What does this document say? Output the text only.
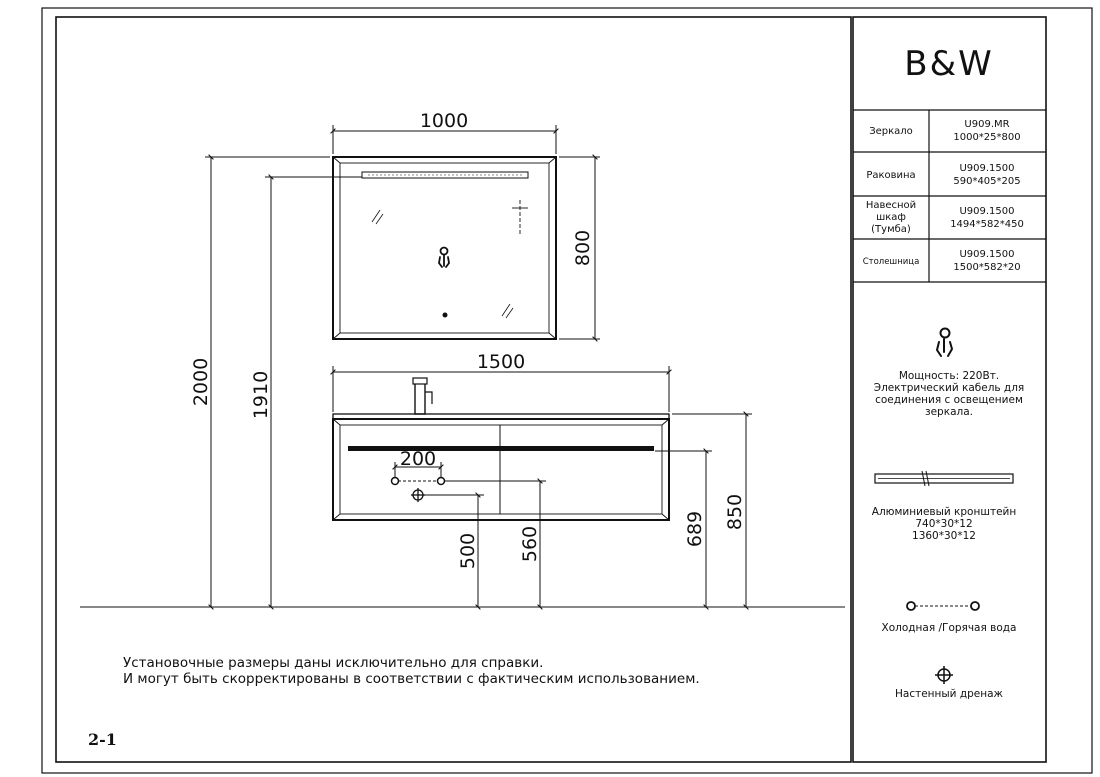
B&W
Зеркало
U909.MR
1000*25*800
Раковина
U909.1500
590*405*205
Навесной
шкаф
(Тумба)
U909.1500
1494*582*450
Столешница
U909.1500
1500*582*20
Мощность: 220Вт.
Электрический кабель для
соединения с освещением
зеркала.
Алюминиевый кронштейн
740*30*12
1360*30*12
Холодная /Горячая вода
Настенный дренаж
1000
800
1500
200
2000 1910
500 560	689 850
Установочные размеры даны исключительно для справки.
И могут быть скорректированы в соответствии с фактическим использованием.
2-1
